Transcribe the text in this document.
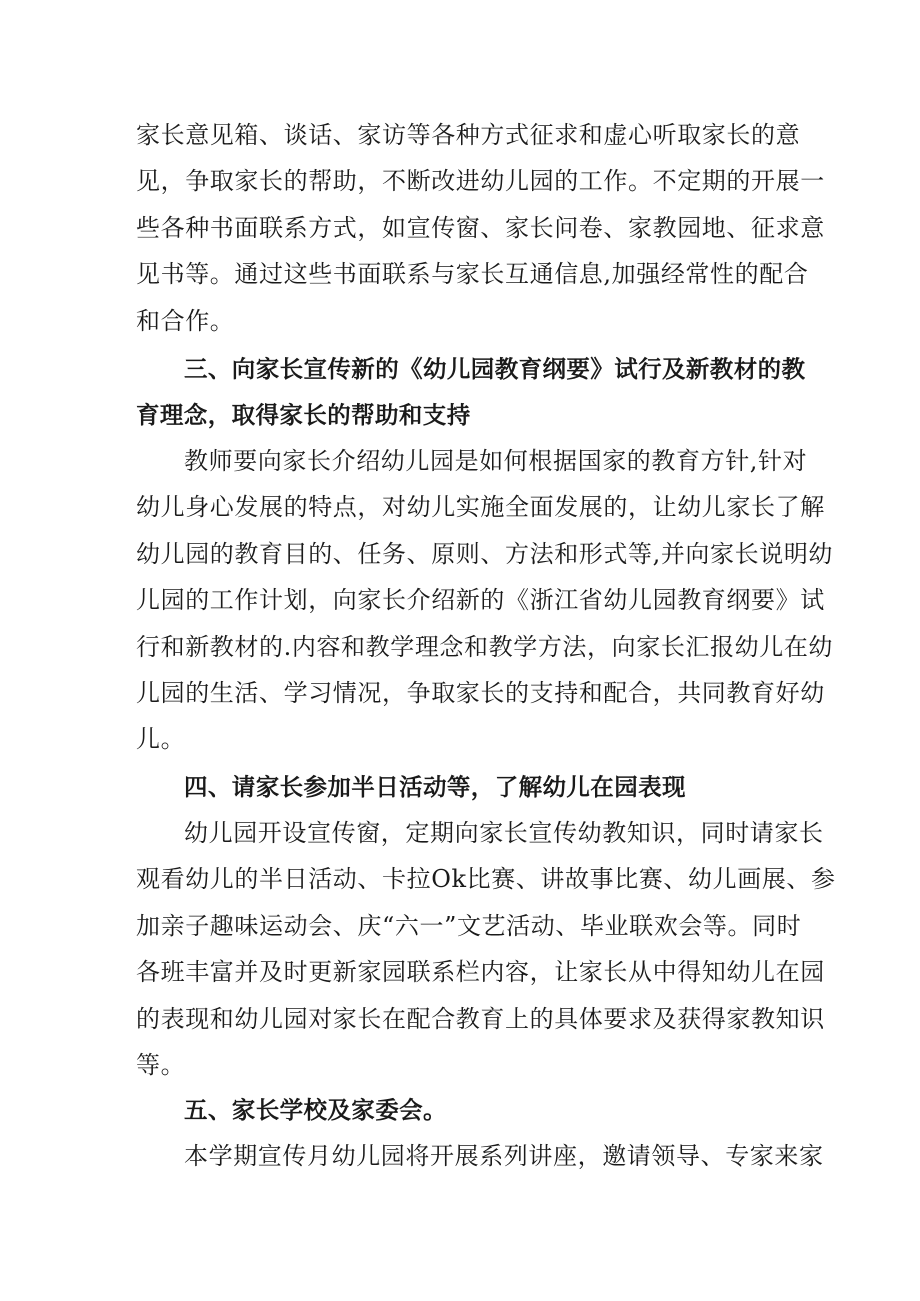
家长意见箱、谈话、家访等各种方式征求和虚心听取家长的意
见，争取家长的帮助，不断改进幼儿园的工作。不定期的开展一
些各种书面联系方式，如宣传窗、家长问卷、家教园地、征求意
见书等。通过这些书面联系与家长互通信息,加强经常性的配合
和合作。
三、向家长宣传新的《幼儿园教育纲要》试行及新教材的教
育理念，取得家长的帮助和支持
教师要向家长介绍幼儿园是如何根据国家的教育方针,针对
幼儿身心发展的特点，对幼儿实施全面发展的，让幼儿家长了解
幼儿园的教育目的、任务、原则、方法和形式等,并向家长说明幼
儿园的工作计划，向家长介绍新的《浙江省幼儿园教育纲要》试
行和新教材的.内容和教学理念和教学方法，向家长汇报幼儿在幼
儿园的生活、学习情况，争取家长的支持和配合，共同教育好幼
儿。
四、请家长参加半日活动等，了解幼儿在园表现
幼儿园开设宣传窗，定期向家长宣传幼教知识，同时请家长
观看幼儿的半日活动、卡拉Ok比赛、讲故事比赛、幼儿画展、参
加亲子趣味运动会、庆“六一”文艺活动、毕业联欢会等。同时
各班丰富并及时更新家园联系栏内容，让家长从中得知幼儿在园
的表现和幼儿园对家长在配合教育上的具体要求及获得家教知识
等。
五、家长学校及家委会。
本学期宣传月幼儿园将开展系列讲座，邀请领导、专家来家
